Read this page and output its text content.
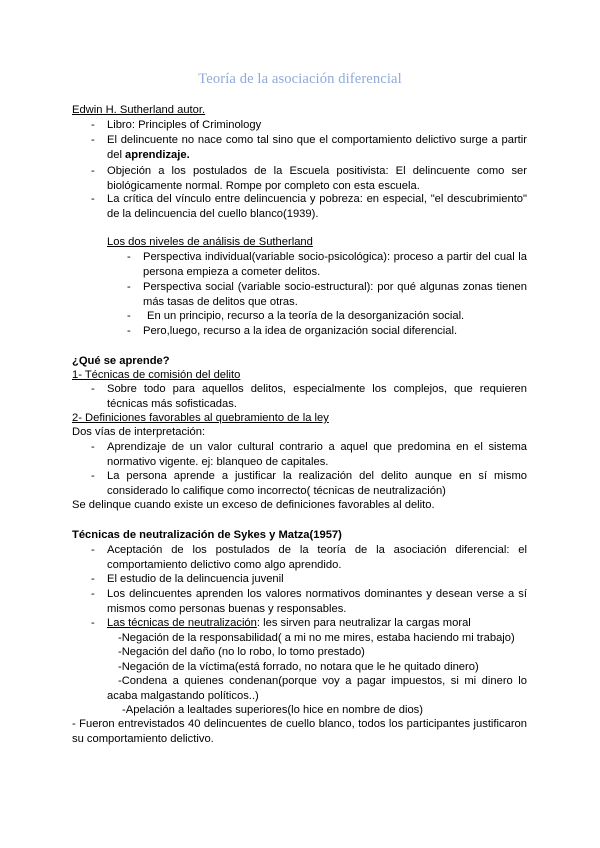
Teoría de la asociación diferencial
Edwin H. Sutherland autor.
- Libro: Principles of Criminology
- El delincuente no nace como tal sino que el comportamiento delictivo surge a partir del aprendizaje.
- Objeción a los postulados de la Escuela positivista: El delincuente como ser biológicamente normal. Rompe por completo con esta escuela.
- La crítica del vínculo entre delincuencia y pobreza: en especial, "el descubrimiento" de la delincuencia del cuello blanco(1939).
Los dos niveles de análisis de Sutherland
- Perspectiva individual(variable socio-psicológica): proceso a partir del cual la persona empieza a cometer delitos.
- Perspectiva social (variable socio-estructural): por qué algunas zonas tienen más tasas de delitos que otras.
- En un principio, recurso a la teoría de la desorganización social.
- Pero,luego, recurso a la idea de organización social diferencial.
¿Qué se aprende?
1- Técnicas de comisión del delito
- Sobre todo para aquellos delitos, especialmente los complejos, que requieren técnicas más sofisticadas.
2- Definiciones favorables al quebramiento de la ley
Dos vías de interpretación:
- Aprendizaje de un valor cultural contrario a aquel que predomina en el sistema normativo vigente. ej: blanqueo de capitales.
- La persona aprende a justificar la realización del delito aunque en sí mismo considerado lo califique como incorrecto( técnicas de neutralización)
Se delinque cuando existe un exceso de definiciones favorables al delito.
Técnicas de neutralización de Sykes y Matza(1957)
- Aceptación de los postulados de la teoría de la asociación diferencial: el comportamiento delictivo como algo aprendido.
- El estudio de la delincuencia juvenil
- Los delincuentes aprenden los valores normativos dominantes y desean verse a sí mismos como personas buenas y responsables.
- Las técnicas de neutralización: les sirven para neutralizar la cargas moral
-Negación de la responsabilidad( a mi no me mires, estaba haciendo mi trabajo)
-Negación del daño (no lo robo, lo tomo prestado)
-Negación de la víctima(está forrado, no notara que le he quitado dinero)
-Condena a quienes condenan(porque voy a pagar impuestos, si mi dinero lo acaba malgastando políticos..)
-Apelación a lealtades superiores(lo hice en nombre de dios)
- Fueron entrevistados 40 delincuentes de cuello blanco, todos los participantes justificaron su comportamiento delictivo.
